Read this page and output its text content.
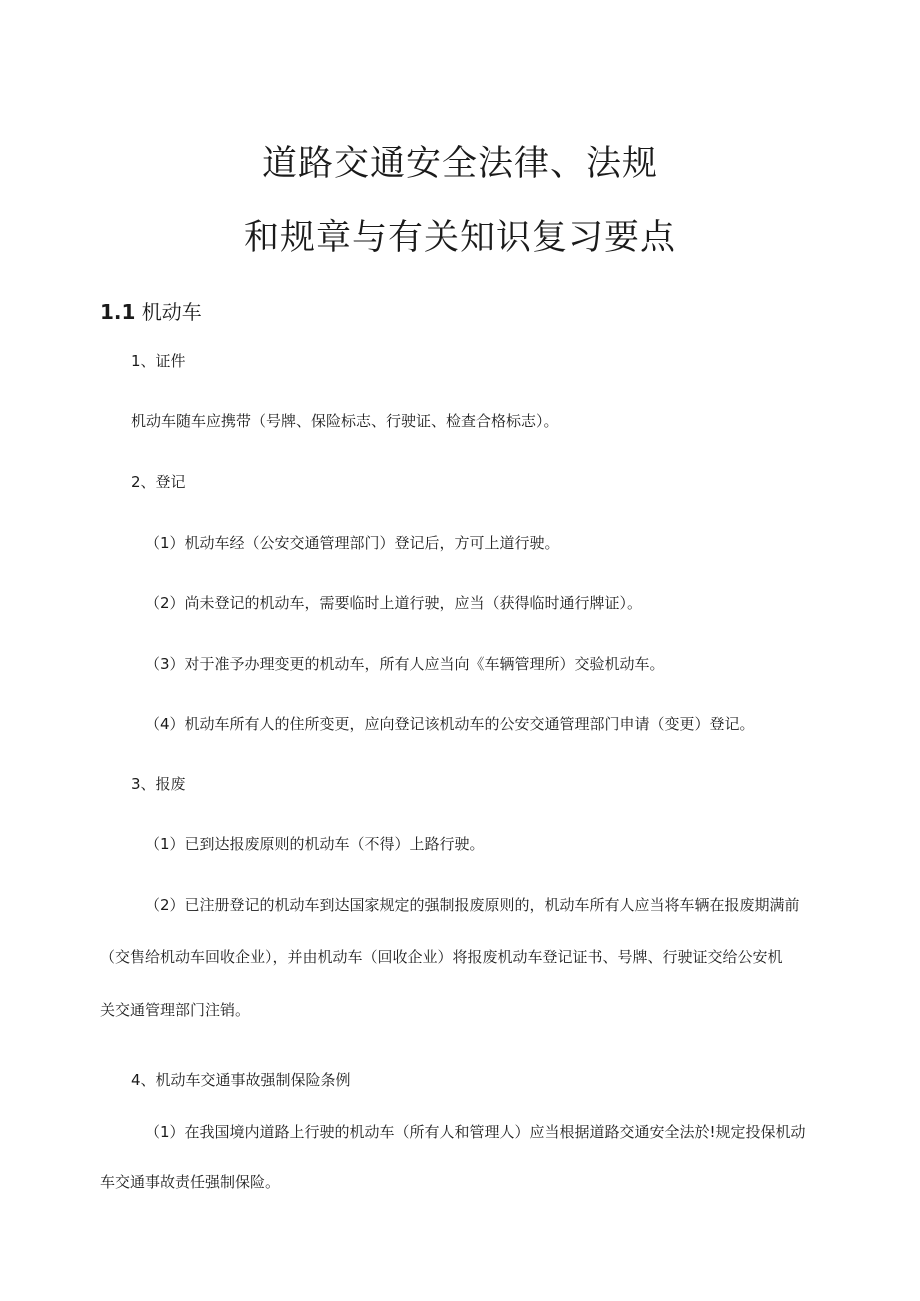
道路交通安全法律、法规
和规章与有关知识复习要点
1.1 机动车

1、证件

机动车随车应携带（号牌、保险标志、行驶证、检查合格标志）。

2、登记

（1）机动车经（公安交通管理部门）登记后，方可上道行驶。

（2）尚未登记的机动车，需要临时上道行驶，应当（获得临时通行牌证）。

（3）对于准予办理变更的机动车，所有人应当向《车辆管理所）交验机动车。

（4）机动车所有人的住所变更，应向登记该机动车的公安交通管理部门申请（变更）登记。

3、报废

（1）已到达报废原则的机动车（不得）上路行驶。

（2）已注册登记的机动车到达国家规定的强制报废原则的，机动车所有人应当将车辆在报废期满前

（交售给机动车回收企业），并由机动车（回收企业）将报废机动车登记证书、号牌、行驶证交给公安机

关交通管理部门注销。

4、机动车交通事故强制保险条例

（1）在我国境内道路上行驶的机动车（所有人和管理人）应当根据道路交通安全法於!规定投保机动

车交通事故责任强制保险。
